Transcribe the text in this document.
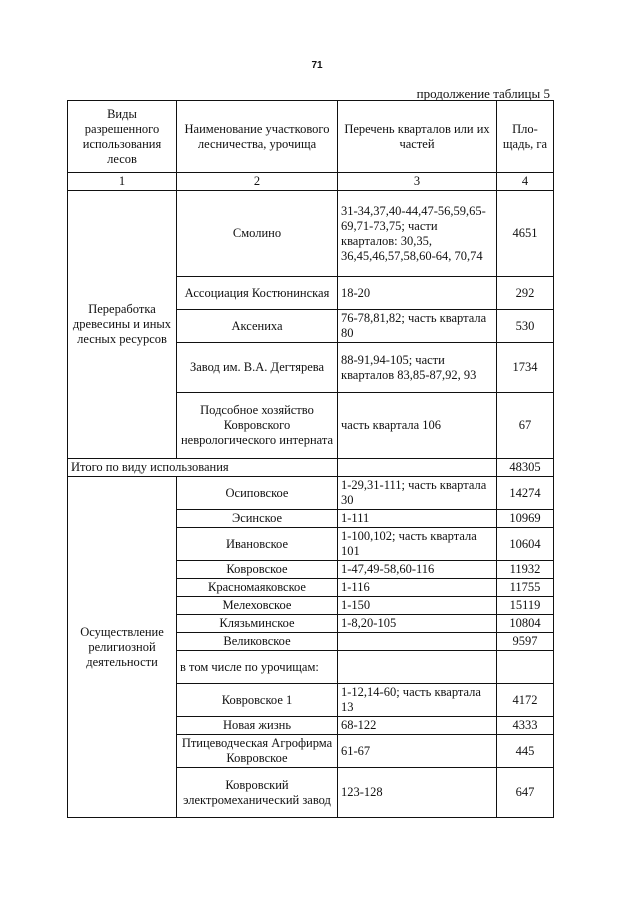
71
продолжение таблицы 5
Виды разрешенного использования лесов	Наименование участкового лесничества, урочища	Перечень кварталов или их частей	Пло-щадь, га
1	2	3	4
Переработка древесины и иных лесных ресурсов	Смолино	31-34,37,40-44,47-56,59,65-69,71-73,75; части кварталов: 30,35, 36,45,46,57,58,60-64, 70,74	4651
	Ассоциация Костюнинская	18-20	292
	Аксениха	76-78,81,82; часть квартала 80	530
	Завод им. В.А. Дегтярева	88-91,94-105; части кварталов 83,85-87,92, 93	1734
	Подсобное хозяйство Ковровского неврологического интерната	часть квартала 106	67
Итого по виду использования			48305
Осуществление религиозной деятельности	Осиповское	1-29,31-111; часть квартала 30	14274
	Эсинское	1-111	10969
	Ивановское	1-100,102; часть квартала 101	10604
	Ковровское	1-47,49-58,60-116	11932
	Красномаяковское	1-116	11755
	Мелеховское	1-150	15119
	Клязьминское	1-8,20-105	10804
	Великовское		9597
	в том числе по урочищам:		
	Ковровское 1	1-12,14-60; часть квартала 13	4172
	Новая жизнь	68-122	4333
	Птицеводческая Агрофирма Ковровское	61-67	445
	Ковровский электромеханический завод	123-128	647
